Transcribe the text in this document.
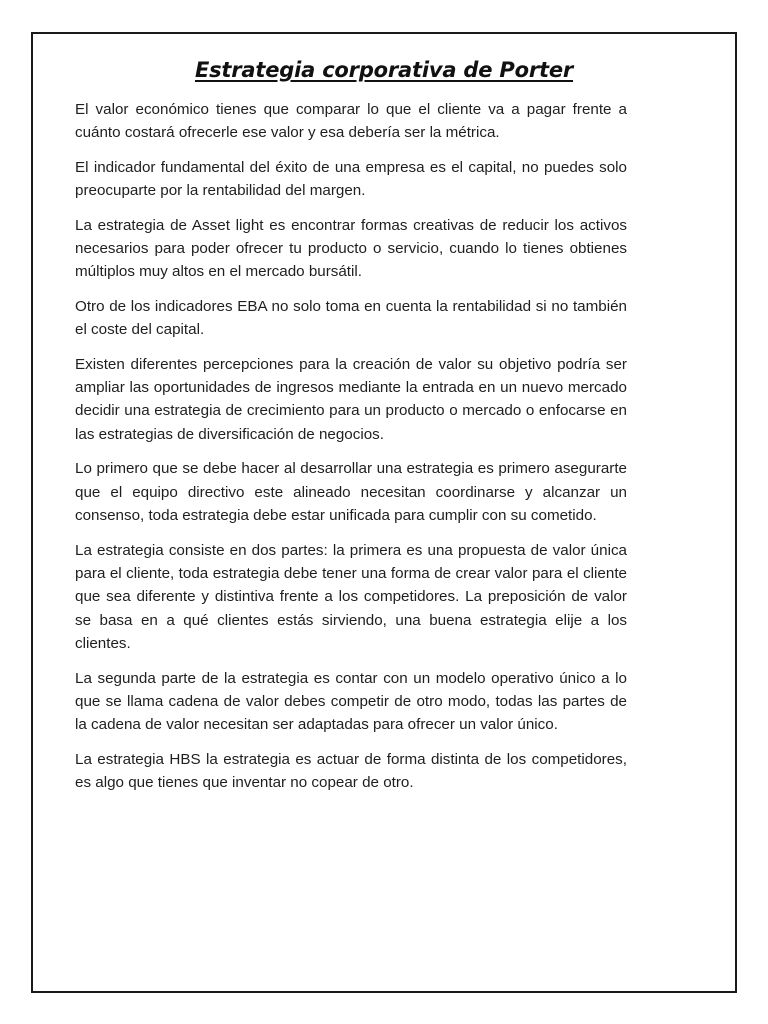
Estrategia corporativa de Porter

El valor económico tienes que comparar lo que el cliente va a pagar frente a cuánto costará ofrecerle ese valor y esa debería ser la métrica.

El indicador fundamental del éxito de una empresa es el capital, no puedes solo preocuparte por la rentabilidad del margen.

La estrategia de Asset light es encontrar formas creativas de reducir los activos necesarios para poder ofrecer tu producto o servicio, cuando lo tienes obtienes múltiplos muy altos en el mercado bursátil.

Otro de los indicadores EBA no solo toma en cuenta la rentabilidad si no también el coste del capital.

Existen diferentes percepciones para la creación de valor su objetivo podría ser ampliar las oportunidades de ingresos mediante la entrada en un nuevo mercado decidir una estrategia de crecimiento para un producto o mercado o enfocarse en las estrategias de diversificación de negocios.

Lo primero que se debe hacer al desarrollar una estrategia es primero asegurarte que el equipo directivo este alineado necesitan coordinarse y alcanzar un consenso, toda estrategia debe estar unificada para cumplir con su cometido.

La estrategia consiste en dos partes: la primera es una propuesta de valor única para el cliente, toda estrategia debe tener una forma de crear valor para el cliente que sea diferente y distintiva frente a los competidores. La preposición de valor se basa en a qué clientes estás sirviendo, una buena estrategia elije a los clientes.

La segunda parte de la estrategia es contar con un modelo operativo único a lo que se llama cadena de valor debes competir de otro modo, todas las partes de la cadena de valor necesitan ser adaptadas para ofrecer un valor único.

La estrategia HBS la estrategia es actuar de forma distinta de los competidores, es algo que tienes que inventar no copear de otro.
